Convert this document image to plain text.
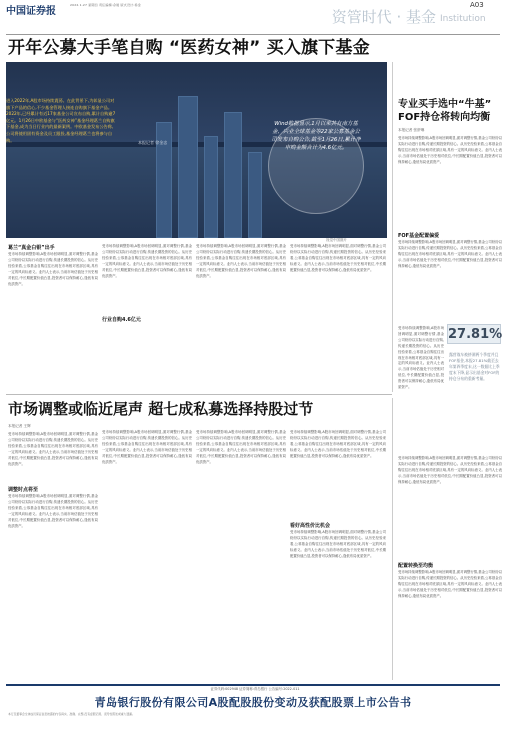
中国证券报
2022.1.27 星期四 责任编辑:佘晨 版式设计:杨金
资管时代 · 基金
A03
Institution
开年公募大手笔自购 “医药女神” 买入旗下基金
进入2022年,A股市场持续震荡。在此背景下,为彰显公司对旗下产品的信心,不少基金管理人接连自购旗下基金产品。2022年,已经累计有近17家基金公司宣布自购,累计自购逾7亿元。1月26日中欧基金与“医药女神”基金经理葛兰自购旗下基金,成为当日行业内的最新案例。中欧基金发布公告称,公司将使用固有资金及员工跟投,基金经理葛兰也将参与自购。	本报记者 徐金忠
Wind数据显示,1月以来共有南方基金、兴业全球基金等22家公募基金公司发布自购公告,截至1月26日,累计净申购金额合计为4.6亿元。
视觉中国图片
葛兰“真金白银”出手
受市场持续调整影响,A股市场回调明显,面对调整行情,基金公司纷纷以实际行动进行自购,传递长期投资的信心。从历史经验来看,公募基金自购往往出现在市场相对底部区域,具有一定的风向标意义。业内人士表示,当前市场估值处于历史相对低位,中长期配置价值凸显,投资者可以保持耐心,逢低布局优质资产。
受市场持续调整影响,A股市场回调明显,面对调整行情,基金公司纷纷以实际行动进行自购,传递长期投资的信心。从历史经验来看,公募基金自购往往出现在市场相对底部区域,具有一定的风向标意义。业内人士表示,当前市场估值处于历史相对低位,中长期配置价值凸显,投资者可以保持耐心,逢低布局优质资产。
受市场持续调整影响,A股市场回调明显,面对调整行情,基金公司纷纷以实际行动进行自购,传递长期投资的信心。从历史经验来看,公募基金自购往往出现在市场相对底部区域,具有一定的风向标意义。业内人士表示,当前市场估值处于历史相对低位,中长期配置价值凸显,投资者可以保持耐心,逢低布局优质资产。
行业自购4.6亿元
受市场持续调整影响,A股市场回调明显,面对调整行情,基金公司纷纷以实际行动进行自购,传递长期投资的信心。从历史经验来看,公募基金自购往往出现在市场相对底部区域,具有一定的风向标意义。业内人士表示,当前市场估值处于历史相对低位,中长期配置价值凸显,投资者可以保持耐心,逢低布局优质资产。
专业买手选中“牛基” FOF持仓将转向均衡
本报记者 张舒琳
受市场持续调整影响,A股市场回调明显,面对调整行情,基金公司纷纷以实际行动进行自购,传递长期投资的信心。从历史经验来看,公募基金自购往往出现在市场相对底部区域,具有一定的风向标意义。业内人士表示,当前市场估值处于历史相对低位,中长期配置价值凸显,投资者可以保持耐心,逢低布局优质资产。
FOF基金配置偏爱
受市场持续调整影响,A股市场回调明显,面对调整行情,基金公司纷纷以实际行动进行自购,传递长期投资的信心。从历史经验来看,公募基金自购往往出现在市场相对底部区域,具有一定的风向标意义。业内人士表示,当前市场估值处于历史相对低位,中长期配置价值凸显,投资者可以保持耐心,逢低布局优质资产。
受市场持续调整影响,A股市场回调明显,面对调整行情,基金公司纷纷以实际行动进行自购,传递长期投资的信心。从历史经验来看,公募基金自购往往出现在市场相对底部区域,具有一定的风向标意义。业内人士表示,当前市场估值处于历史相对低位,中长期配置价值凸显,投资者可以保持耐心,逢低布局优质资产。
27.81%
露营战车被挤满两个季度并且FOF基金,本报27.81%截至去年第四季度末,这一数据比上季度末下降,显示出基金对FOF的持仓分布的重新考量。
受市场持续调整影响,A股市场回调明显,面对调整行情,基金公司纷纷以实际行动进行自购,传递长期投资的信心。从历史经验来看,公募基金自购往往出现在市场相对底部区域,具有一定的风向标意义。业内人士表示,当前市场估值处于历史相对低位,中长期配置价值凸显,投资者可以保持耐心,逢低布局优质资产。
配置转换至均衡
受市场持续调整影响,A股市场回调明显,面对调整行情,基金公司纷纷以实际行动进行自购,传递长期投资的信心。从历史经验来看,公募基金自购往往出现在市场相对底部区域,具有一定的风向标意义。业内人士表示,当前市场估值处于历史相对低位,中长期配置价值凸显,投资者可以保持耐心,逢低布局优质资产。
市场调整或临近尾声 超七成私募选择持股过节
本报记者 王辉
受市场持续调整影响,A股市场回调明显,面对调整行情,基金公司纷纷以实际行动进行自购,传递长期投资的信心。从历史经验来看,公募基金自购往往出现在市场相对底部区域,具有一定的风向标意义。业内人士表示,当前市场估值处于历史相对低位,中长期配置价值凸显,投资者可以保持耐心,逢低布局优质资产。
调整时点将至
受市场持续调整影响,A股市场回调明显,面对调整行情,基金公司纷纷以实际行动进行自购,传递长期投资的信心。从历史经验来看,公募基金自购往往出现在市场相对底部区域,具有一定的风向标意义。业内人士表示,当前市场估值处于历史相对低位,中长期配置价值凸显,投资者可以保持耐心,逢低布局优质资产。
受市场持续调整影响,A股市场回调明显,面对调整行情,基金公司纷纷以实际行动进行自购,传递长期投资的信心。从历史经验来看,公募基金自购往往出现在市场相对底部区域,具有一定的风向标意义。业内人士表示,当前市场估值处于历史相对低位,中长期配置价值凸显,投资者可以保持耐心,逢低布局优质资产。
受市场持续调整影响,A股市场回调明显,面对调整行情,基金公司纷纷以实际行动进行自购,传递长期投资的信心。从历史经验来看,公募基金自购往往出现在市场相对底部区域,具有一定的风向标意义。业内人士表示,当前市场估值处于历史相对低位,中长期配置价值凸显,投资者可以保持耐心,逢低布局优质资产。
受市场持续调整影响,A股市场回调明显,面对调整行情,基金公司纷纷以实际行动进行自购,传递长期投资的信心。从历史经验来看,公募基金自购往往出现在市场相对底部区域,具有一定的风向标意义。业内人士表示,当前市场估值处于历史相对低位,中长期配置价值凸显,投资者可以保持耐心,逢低布局优质资产。
看好高性价比机会
受市场持续调整影响,A股市场回调明显,面对调整行情,基金公司纷纷以实际行动进行自购,传递长期投资的信心。从历史经验来看,公募基金自购往往出现在市场相对底部区域,具有一定的风向标意义。业内人士表示,当前市场估值处于历史相对低位,中长期配置价值凸显,投资者可以保持耐心,逢低布局优质资产。
证券代码:002948 证券简称:青岛银行 公告编号:2022-011
青岛银行股份有限公司A股配股股份变动及获配股票上市公告书
本行及董事会全体成员保证信息披露的内容真实、准确、完整,没有虚假记载、误导性陈述或重大遗漏。
